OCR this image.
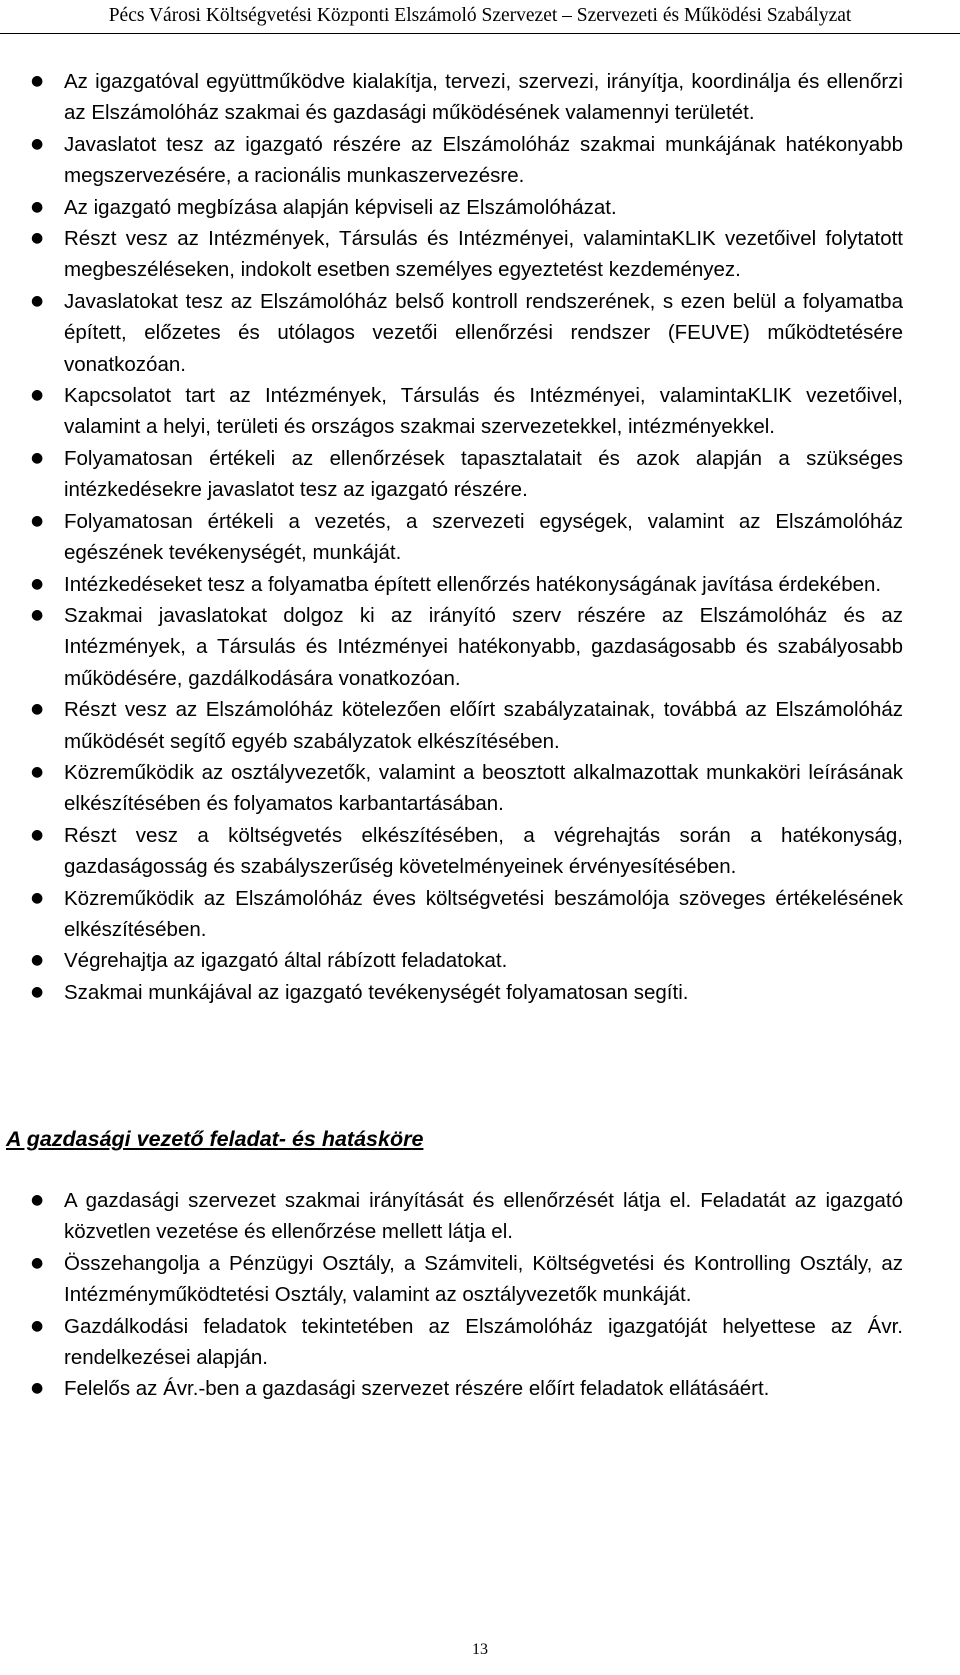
Pécs Városi Költségvetési Központi Elszámoló Szervezet – Szervezeti és Működési Szabályzat
●	Az igazgatóval együttműködve kialakítja, tervezi, szervezi, irányítja, koordinálja és ellenőrzi az Elszámolóház szakmai és gazdasági működésének valamennyi területét.
●	Javaslatot tesz az igazgató részére az Elszámolóház szakmai munkájának hatékonyabb megszervezésére, a racionális munkaszervezésre.
●	Az igazgató megbízása alapján képviseli az Elszámolóházat.
●	Részt vesz az Intézmények, Társulás és Intézményei, valamintaKLIK vezetőivel folytatott megbeszéléseken, indokolt esetben személyes egyeztetést kezdeményez.
●	Javaslatokat tesz az Elszámolóház belső kontroll rendszerének, s ezen belül a folyamatba épített, előzetes és utólagos vezetői ellenőrzési rendszer (FEUVE) működtetésére vonatkozóan.
●	Kapcsolatot tart az Intézmények, Társulás és Intézményei, valamintaKLIK vezetőivel, valamint a helyi, területi és országos szakmai szervezetekkel, intézményekkel.
●	Folyamatosan értékeli az ellenőrzések tapasztalatait és azok alapján a szükséges intézkedésekre javaslatot tesz az igazgató részére.
●	Folyamatosan értékeli a vezetés, a szervezeti egységek, valamint az Elszámolóház egészének tevékenységét, munkáját.
●	Intézkedéseket tesz a folyamatba épített ellenőrzés hatékonyságának javítása érdekében.
●	Szakmai javaslatokat dolgoz ki az irányító szerv részére az Elszámolóház és az Intézmények, a Társulás és Intézményei hatékonyabb, gazdaságosabb és szabályosabb működésére, gazdálkodására vonatkozóan.
●	Részt vesz az Elszámolóház kötelezően előírt szabályzatainak, továbbá az Elszámolóház működését segítő egyéb szabályzatok elkészítésében.
●	Közreműködik az osztályvezetők, valamint a beosztott alkalmazottak munkaköri leírásának elkészítésében és folyamatos karbantartásában.
●	Részt vesz a költségvetés elkészítésében, a végrehajtás során a hatékonyság, gazdaságosság és szabályszerűség követelményeinek érvényesítésében.
●	Közreműködik az Elszámolóház éves költségvetési beszámolója szöveges értékelésének elkészítésében.
●	Végrehajtja az igazgató által rábízott feladatokat.
●	Szakmai munkájával az igazgató tevékenységét folyamatosan segíti.
A gazdasági vezető feladat- és hatásköre
●	A gazdasági szervezet szakmai irányítását és ellenőrzését látja el. Feladatát az igazgató közvetlen vezetése és ellenőrzése mellett látja el.
●	Összehangolja a Pénzügyi Osztály, a Számviteli, Költségvetési és Kontrolling Osztály, az Intézményműködtetési Osztály, valamint az osztályvezetők munkáját.
●	Gazdálkodási feladatok tekintetében az Elszámolóház igazgatóját helyettese az Ávr. rendelkezései alapján.
●	Felelős az Ávr.-ben a gazdasági szervezet részére előírt feladatok ellátásáért.
13
